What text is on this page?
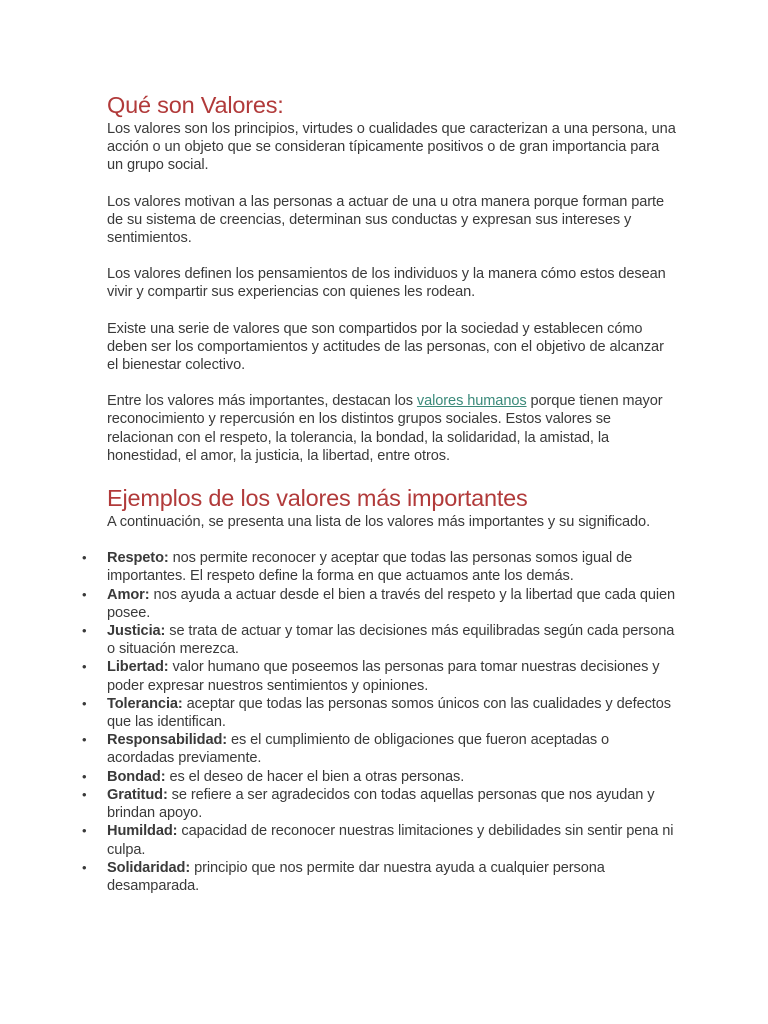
Qué son Valores:

Los valores son los principios, virtudes o cualidades que caracterizan a una persona, una acción o un objeto que se consideran típicamente positivos o de gran importancia para un grupo social.

Los valores motivan a las personas a actuar de una u otra manera porque forman parte de su sistema de creencias, determinan sus conductas y expresan sus intereses y sentimientos.

Los valores definen los pensamientos de los individuos y la manera cómo estos desean vivir y compartir sus experiencias con quienes les rodean.

Existe una serie de valores que son compartidos por la sociedad y establecen cómo deben ser los comportamientos y actitudes de las personas, con el objetivo de alcanzar el bienestar colectivo.

Entre los valores más importantes, destacan los valores humanos porque tienen mayor reconocimiento y repercusión en los distintos grupos sociales. Estos valores se relacionan con el respeto, la tolerancia, la bondad, la solidaridad, la amistad, la honestidad, el amor, la justicia, la libertad, entre otros.

Ejemplos de los valores más importantes

A continuación, se presenta una lista de los valores más importantes y su significado.

• Respeto: nos permite reconocer y aceptar que todas las personas somos igual de importantes. El respeto define la forma en que actuamos ante los demás.
• Amor: nos ayuda a actuar desde el bien a través del respeto y la libertad que cada quien posee.
• Justicia: se trata de actuar y tomar las decisiones más equilibradas según cada persona o situación merezca.
• Libertad: valor humano que poseemos las personas para tomar nuestras decisiones y poder expresar nuestros sentimientos y opiniones.
• Tolerancia: aceptar que todas las personas somos únicos con las cualidades y defectos que las identifican.
• Responsabilidad: es el cumplimiento de obligaciones que fueron aceptadas o acordadas previamente.
• Bondad: es el deseo de hacer el bien a otras personas.
• Gratitud: se refiere a ser agradecidos con todas aquellas personas que nos ayudan y brindan apoyo.
• Humildad: capacidad de reconocer nuestras limitaciones y debilidades sin sentir pena ni culpa.
• Solidaridad: principio que nos permite dar nuestra ayuda a cualquier persona desamparada.
